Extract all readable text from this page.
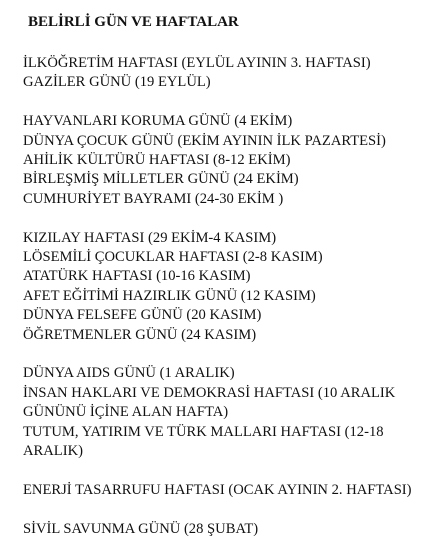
BELİRLİ GÜN VE HAFTALAR
İLKÖĞRETİM HAFTASI (EYLÜL AYININ 3. HAFTASI)
GAZİLER GÜNÜ (19 EYLÜL)
HAYVANLARI KORUMA GÜNÜ (4 EKİM)
DÜNYA ÇOCUK GÜNÜ (EKİM AYININ İLK PAZARTESİ)
AHİLİK KÜLTÜRÜ HAFTASI (8-12 EKİM)
BİRLEŞMİŞ MİLLETLER GÜNÜ (24 EKİM)
CUMHURİYET BAYRAMI (24-30 EKİM )
KIZILAY HAFTASI (29 EKİM-4 KASIM)
LÖSEMİLİ ÇOCUKLAR HAFTASI (2-8 KASIM)
ATATÜRK HAFTASI (10-16 KASIM)
AFET EĞİTİMİ HAZIRLIK GÜNÜ (12 KASIM)
DÜNYA FELSEFE GÜNÜ (20 KASIM)
ÖĞRETMENLER GÜNÜ (24 KASIM)
DÜNYA AIDS GÜNÜ (1 ARALIK)
İNSAN HAKLARI VE DEMOKRASİ HAFTASI (10 ARALIK
GÜNÜNÜ İÇİNE ALAN HAFTA)
TUTUM, YATIRIM VE TÜRK MALLARI HAFTASI (12-18
ARALIK)
ENERJİ TASARRUFU HAFTASI (OCAK AYININ 2. HAFTASI)
SİVİL SAVUNMA GÜNÜ (28 ŞUBAT)
